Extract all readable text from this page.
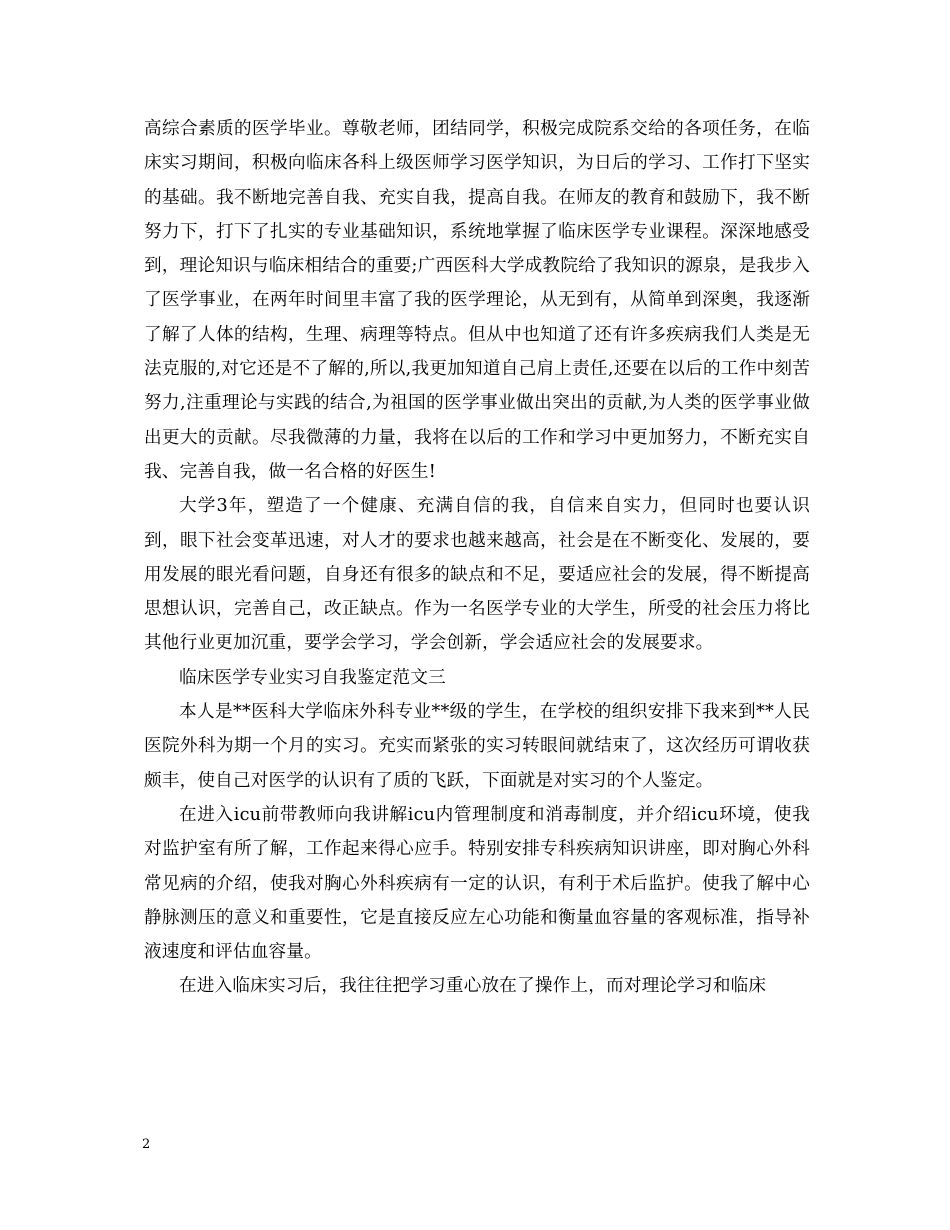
高综合素质的医学毕业。尊敬老师，团结同学，积极完成院系交给的各项任务，在临床实习期间，积极向临床各科上级医师学习医学知识，为日后的学习、工作打下坚实的基础。我不断地完善自我、充实自我，提高自我。在师友的教育和鼓励下，我不断努力下，打下了扎实的专业基础知识，系统地掌握了临床医学专业课程。深深地感受到，理论知识与临床相结合的重要;广西医科大学成教院给了我知识的源泉，是我步入了医学事业，在两年时间里丰富了我的医学理论，从无到有，从简单到深奥，我逐渐了解了人体的结构，生理、病理等特点。但从中也知道了还有许多疾病我们人类是无法克服的,对它还是不了解的,所以,我更加知道自己肩上责任,还要在以后的工作中刻苦努力,注重理论与实践的结合,为祖国的医学事业做出突出的贡献,为人类的医学事业做出更大的贡献。尽我微薄的力量，我将在以后的工作和学习中更加努力，不断充实自我、完善自我，做一名合格的好医生!

大学3年，塑造了一个健康、充满自信的我，自信来自实力，但同时也要认识到，眼下社会变革迅速，对人才的要求也越来越高，社会是在不断变化、发展的，要用发展的眼光看问题，自身还有很多的缺点和不足，要适应社会的发展，得不断提高思想认识，完善自己，改正缺点。作为一名医学专业的大学生，所受的社会压力将比其他行业更加沉重，要学会学习，学会创新，学会适应社会的发展要求。

临床医学专业实习自我鉴定范文三

本人是**医科大学临床外科专业**级的学生，在学校的组织安排下我来到**人民医院外科为期一个月的实习。充实而紧张的实习转眼间就结束了，这次经历可谓收获颇丰，使自己对医学的认识有了质的飞跃，下面就是对实习的个人鉴定。

在进入icu前带教师向我讲解icu内管理制度和消毒制度，并介绍icu环境，使我对监护室有所了解，工作起来得心应手。特别安排专科疾病知识讲座，即对胸心外科常见病的介绍，使我对胸心外科疾病有一定的认识，有利于术后监护。使我了解中心静脉测压的意义和重要性，它是直接反应左心功能和衡量血容量的客观标准，指导补液速度和评估血容量。

在进入临床实习后，我往往把学习重心放在了操作上，而对理论学习和临床

2
